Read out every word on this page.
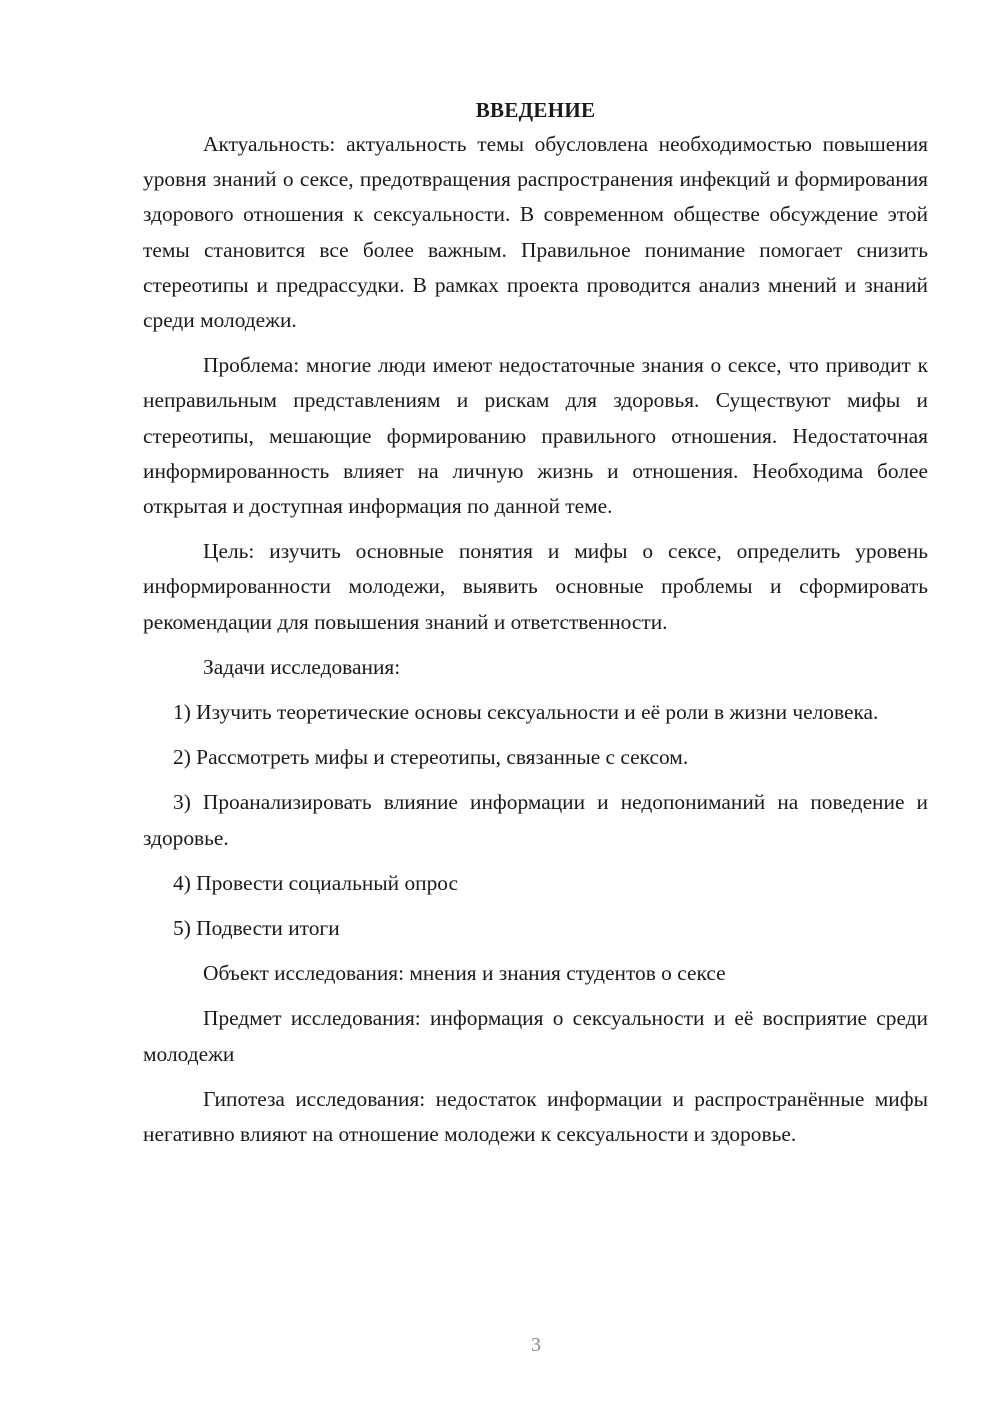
ВВЕДЕНИЕ

Актуальность: актуальность темы обусловлена необходимостью повышения уровня знаний о сексе, предотвращения распространения инфекций и формирования здорового отношения к сексуальности. В современном обществе обсуждение этой темы становится все более важным. Правильное понимание помогает снизить стереотипы и предрассудки. В рамках проекта проводится анализ мнений и знаний среди молодежи.

Проблема: многие люди имеют недостаточные знания о сексе, что приводит к неправильным представлениям и рискам для здоровья. Существуют мифы и стереотипы, мешающие формированию правильного отношения. Недостаточная информированность влияет на личную жизнь и отношения. Необходима более открытая и доступная информация по данной теме.

Цель: изучить основные понятия и мифы о сексе, определить уровень информированности молодежи, выявить основные проблемы и сформировать рекомендации для повышения знаний и ответственности.

Задачи исследования:

1) Изучить теоретические основы сексуальности и её роли в жизни человека.

2) Рассмотреть мифы и стереотипы, связанные с сексом.

3) Проанализировать влияние информации и недопониманий на поведение и здоровье.

4) Провести социальный опрос

5) Подвести итоги

Объект исследования: мнения и знания студентов о сексе

Предмет исследования: информация о сексуальности и её восприятие среди молодежи

Гипотеза исследования: недостаток информации и распространённые мифы негативно влияют на отношение молодежи к сексуальности и здоровье.

3
